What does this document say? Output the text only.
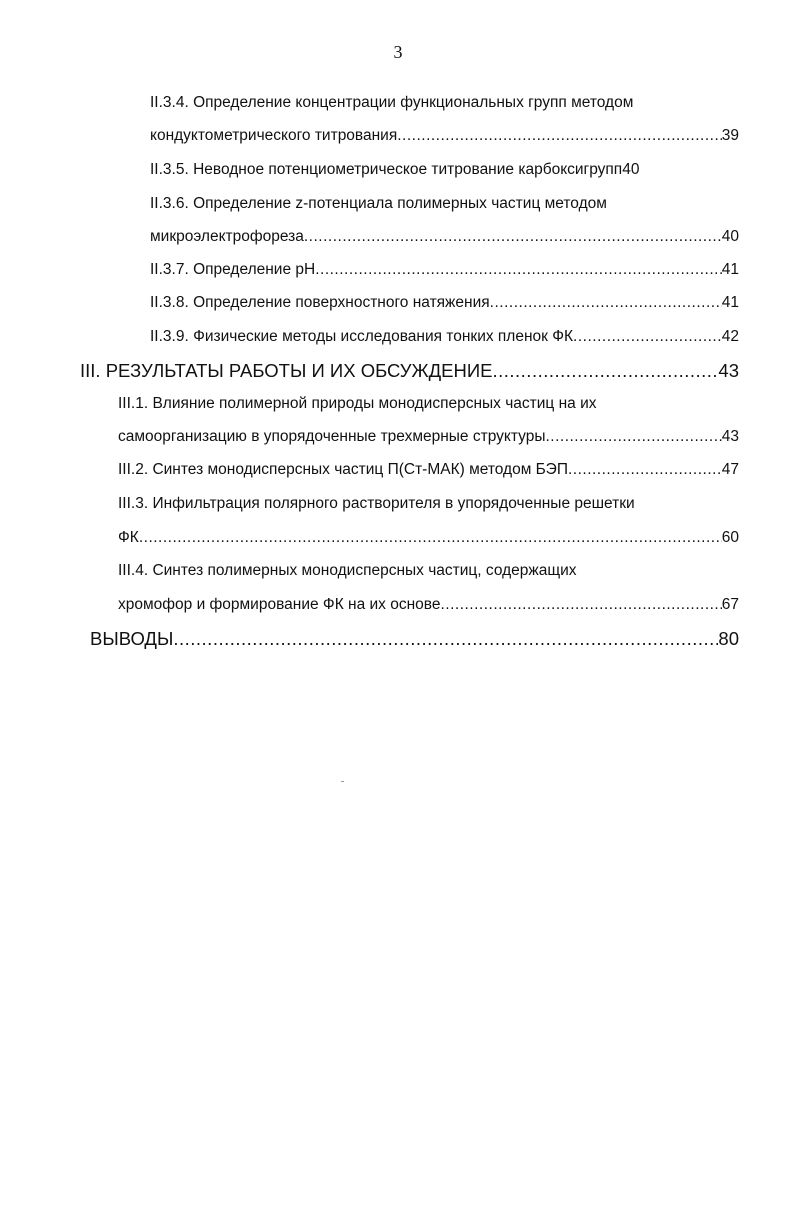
3
II.3.4. Определение концентрации функциональных групп методом
кондуктометрического титрования .....	39
II.3.5. Неводное потенциометрическое титрование карбоксигрупп 40
II.3.6. Определение z-потенциала полимерных частиц методом
микроэлектрофореза .....	40
II.3.7. Определение pH .....	41
II.3.8. Определение поверхностного натяжения .....	41
II.3.9. Физические методы исследования тонких пленок ФК .....	42
III. РЕЗУЛЬТАТЫ РАБОТЫ И ИХ ОБСУЖДЕНИЕ .....	43
III.1. Влияние полимерной природы монодисперсных частиц на их
самоорганизацию в упорядоченные трехмерные структуры .....	43
III.2. Синтез монодисперсных частиц П(Ст-МАК) методом БЭП .....	47
III.3. Инфильтрация полярного растворителя в упорядоченные решетки
ФК .....	60
III.4. Синтез полимерных монодисперсных частиц, содержащих
хромофор и формирование ФК на их основе .....	67
ВЫВОДЫ .....	80
